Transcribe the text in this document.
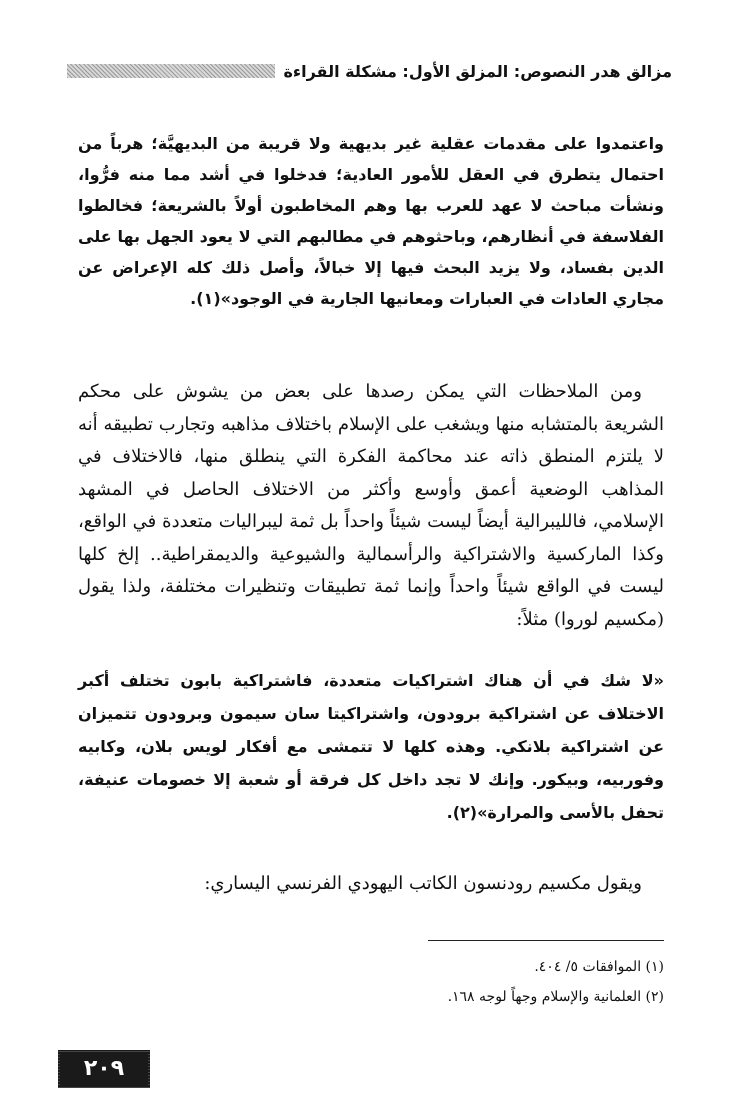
مزالق هدر النصوص: المزلق الأول: مشكلة القراءة

واعتمدوا على مقدمات عقلية غير بديهية ولا قريبة من البديهيَّة؛ هرباً من احتمال يتطرق في العقل للأمور العادية؛ فدخلوا في أشد مما منه فرُّوا، ونشأت مباحث لا عهد للعرب بها وهم المخاطبون أولاً بالشريعة؛ فخالطوا الفلاسفة في أنظارهم، وباحثوهم في مطالبهم التي لا يعود الجهل بها على الدين بفساد، ولا يزيد البحث فيها إلا خبالاً، وأصل ذلك كله الإعراض عن مجاري العادات في العبارات ومعانيها الجارية في الوجود»(١).

ومن الملاحظات التي يمكن رصدها على بعض من يشوش على محكم الشريعة بالمتشابه منها ويشغب على الإسلام باختلاف مذاهبه وتجارب تطبيقه أنه لا يلتزم المنطق ذاته عند محاكمة الفكرة التي ينطلق منها، فالاختلاف في المذاهب الوضعية أعمق وأوسع وأكثر من الاختلاف الحاصل في المشهد الإسلامي، فالليبرالية أيضاً ليست شيئاً واحداً بل ثمة ليبراليات متعددة في الواقع، وكذا الماركسية والاشتراكية والرأسمالية والشيوعية والديمقراطية.. إلخ كلها ليست في الواقع شيئاً واحداً وإنما ثمة تطبيقات وتنظيرات مختلفة، ولذا يقول (مكسيم لوروا) مثلاً:

«لا شك في أن هناك اشتراكيات متعددة، فاشتراكية بابون تختلف أكبر الاختلاف عن اشتراكية برودون، واشتراكيتا سان سيمون وبرودون تتميزان عن اشتراكية بلانكي. وهذه كلها لا تتمشى مع أفكار لويس بلان، وكابيه وفوربيه، وبيكور. وإنك لا تجد داخل كل فرقة أو شعبة إلا خصومات عنيفة، تحفل بالأسى والمرارة»(٢).

ويقول مكسيم رودنسون الكاتب اليهودي الفرنسي اليساري:

(١) الموافقات ٥/ ٤٠٤.
(٢) العلمانية والإسلام وجهاً لوجه ١٦٨.
٢٠٩
